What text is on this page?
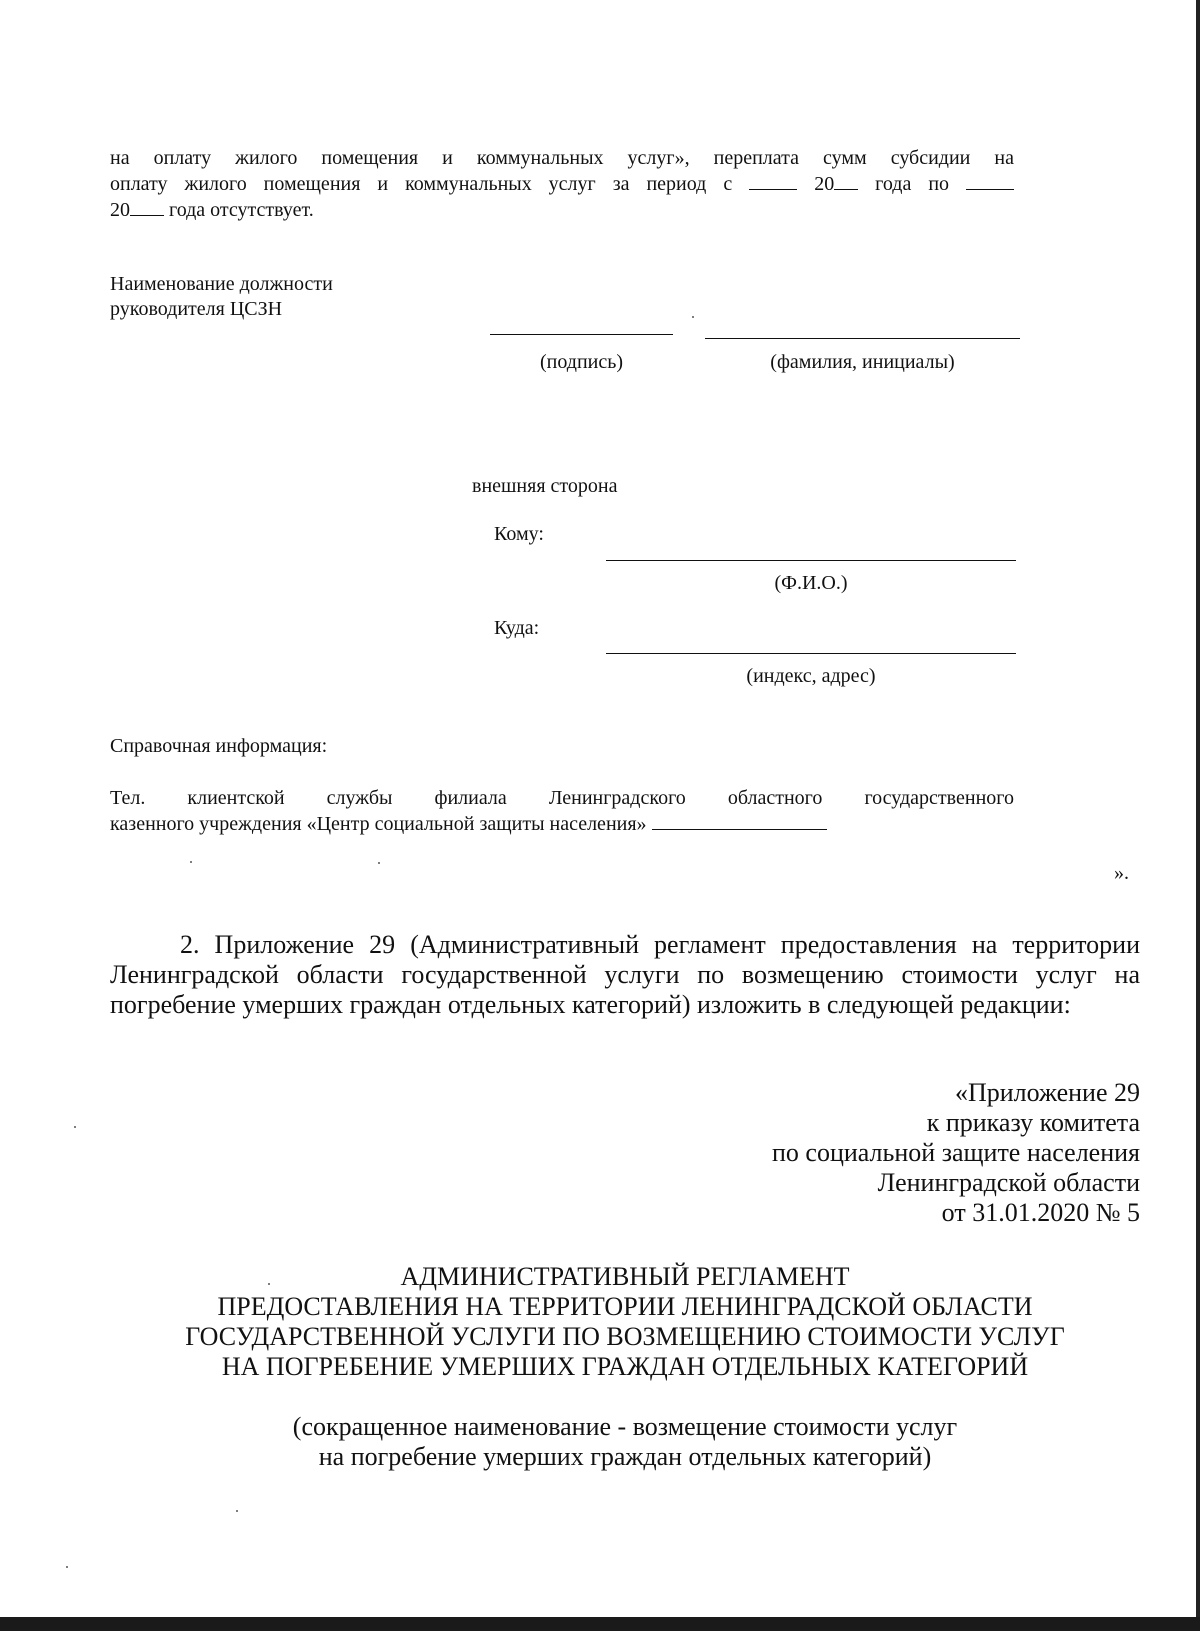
на оплату жилого помещения и коммунальных услуг», переплата сумм субсидии на
оплату жилого помещения и коммунальных услуг за период с	20 года по
20 года отсутствует.
Наименование должности
руководителя ЦСЗН
(подпись)	(фамилия, инициалы)
внешняя сторона
Кому:
(Ф.И.О.)
Куда:
(индекс, адрес)
Справочная информация:
Тел. клиентской службы филиала Ленинградского областного государственного
казенного учреждения «Центр социальной защиты населения»
».
2. Приложение 29 (Административный регламент предоставления на территории Ленинградской области государственной услуги по возмещению стоимости услуг на погребение умерших граждан отдельных категорий) изложить в следующей редакции:
«Приложение 29
к приказу комитета
по социальной защите населения
Ленинградской области
от 31.01.2020 № 5
АДМИНИСТРАТИВНЫЙ РЕГЛАМЕНТ
ПРЕДОСТАВЛЕНИЯ НА ТЕРРИТОРИИ ЛЕНИНГРАДСКОЙ ОБЛАСТИ
ГОСУДАРСТВЕННОЙ УСЛУГИ ПО ВОЗМЕЩЕНИЮ СТОИМОСТИ УСЛУГ
НА ПОГРЕБЕНИЕ УМЕРШИХ ГРАЖДАН ОТДЕЛЬНЫХ КАТЕГОРИЙ
(сокращенное наименование - возмещение стоимости услуг
на погребение умерших граждан отдельных категорий)
